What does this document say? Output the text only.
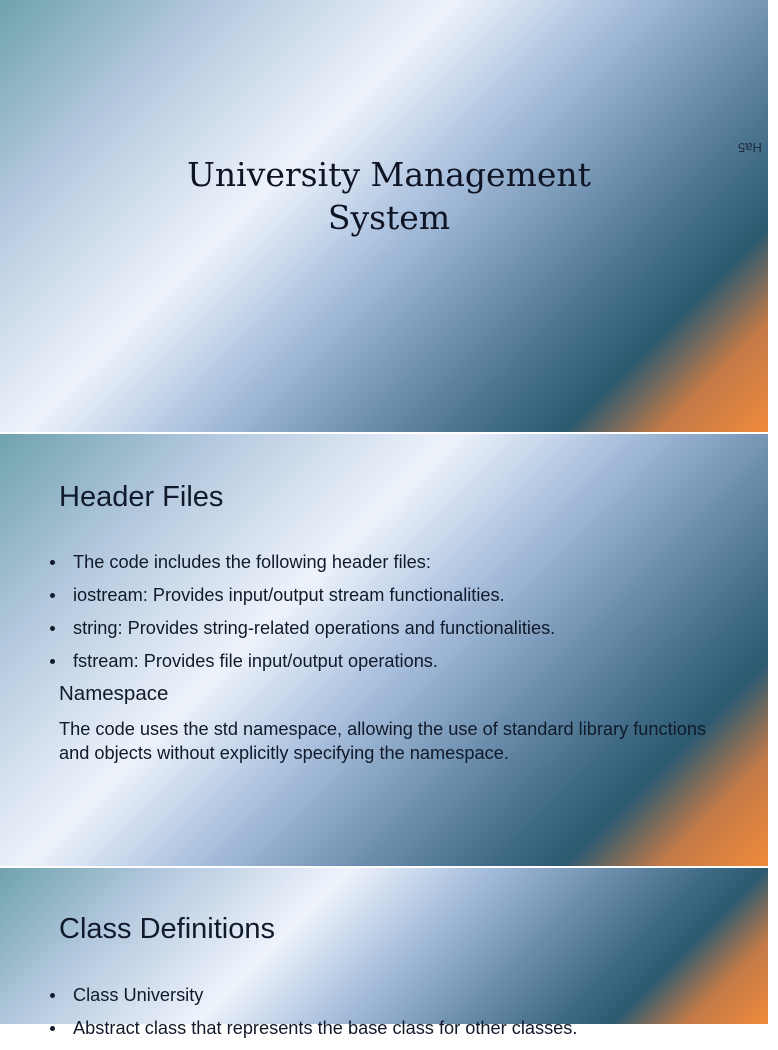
Ha5
University Management
System
Header Files
The code includes the following header files:
iostream: Provides input/output stream functionalities.
string: Provides string-related operations and functionalities.
fstream: Provides file input/output operations.
Namespace
The code uses the std namespace, allowing the use of standard library functions and objects without explicitly specifying the namespace.
Class Definitions
Class University
Abstract class that represents the base class for other classes.
